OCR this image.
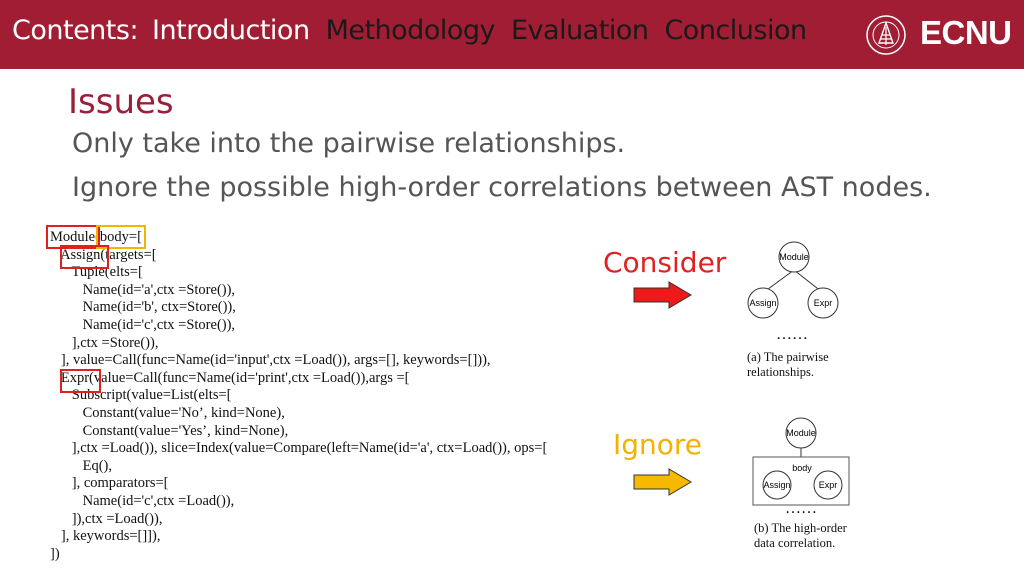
Contents: Introduction Methodology Evaluation Conclusion	ECNU
Issues
Only take into the pairwise relationships.
Ignore the possible high-order correlations between AST nodes.
Module(body=[
Assign(targets=[
Tuple(elts=[
Name(id='a',ctx =Store()),
Name(id='b', ctx=Store()),
Name(id='c',ctx =Store()),
],ctx =Store()),
], value=Call(func=Name(id='input',ctx =Load()), args=[], keywords=[])),
Expr(value=Call(func=Name(id='print',ctx =Load()),args =[
Subscript(value=List(elts=[
Constant(value='No’, kind=None),
Constant(value='Yes’, kind=None),
],ctx =Load()), slice=Index(value=Compare(left=Name(id='a', ctx=Load()), ops=[
Eq(),
], comparators=[
Name(id='c',ctx =Load()),
]),ctx =Load()),
], keywords=[]]),
])
Consider
Ignore
Module
Assign	Expr
……
(a) The pairwise
relationships.
Module
body
Assign	Expr
……
(b) The high-order
data correlation.
